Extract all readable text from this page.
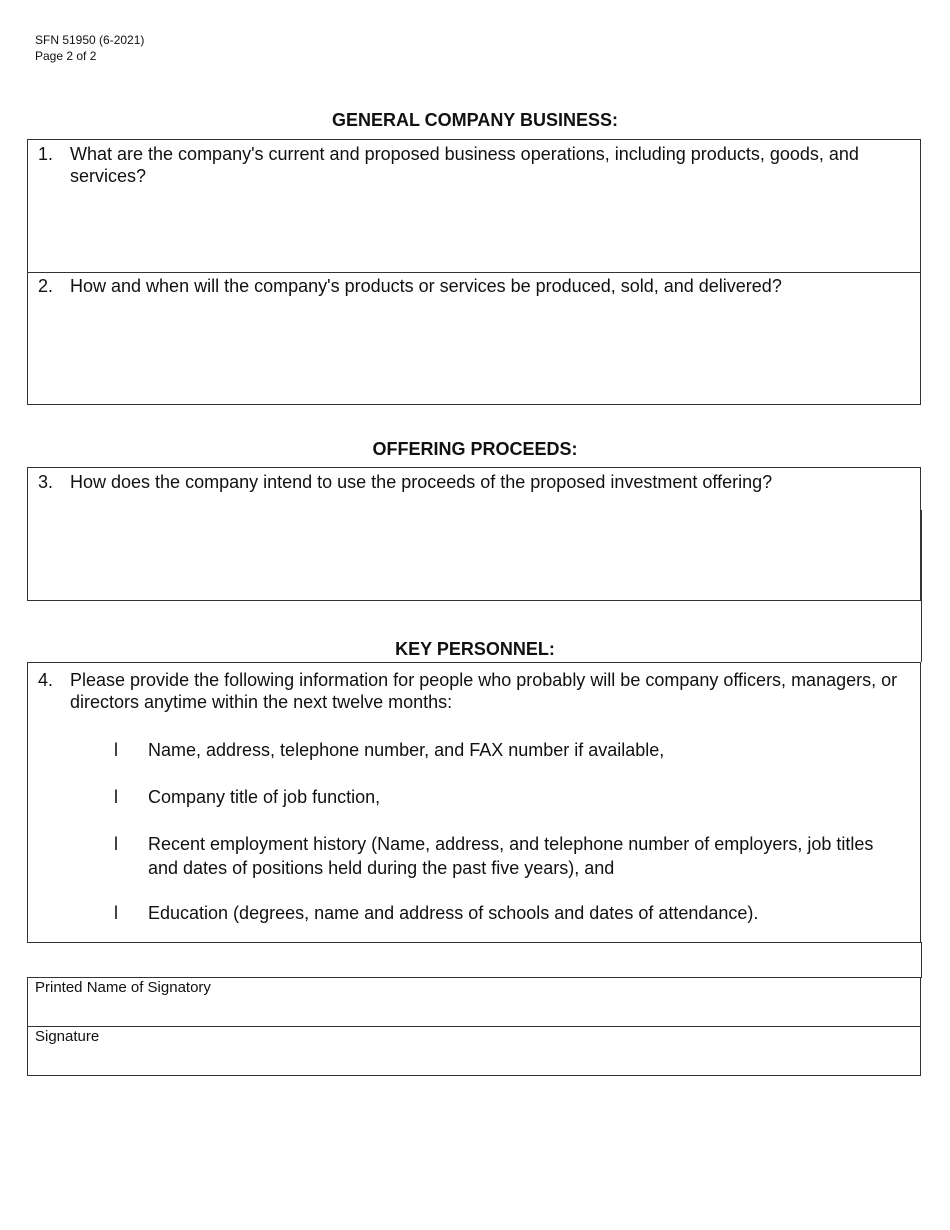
SFN 51950 (6-2021)
Page 2 of 2
GENERAL COMPANY BUSINESS:
1. What are the company's current and proposed business operations, including products, goods, and services?
2. How and when will the company's products or services be produced, sold, and delivered?
OFFERING PROCEEDS:
3. How does the company intend to use the proceeds of the proposed investment offering?
KEY PERSONNEL:
4. Please provide the following information for people who probably will be company officers, managers, or directors anytime within the next twelve months:
l Name, address, telephone number, and FAX number if available,
l Company title of job function,
l Recent employment history (Name, address, and telephone number of employers, job titles and dates of positions held during the past five years), and
l Education (degrees, name and address of schools and dates of attendance).
Printed Name of Signatory
Signature
